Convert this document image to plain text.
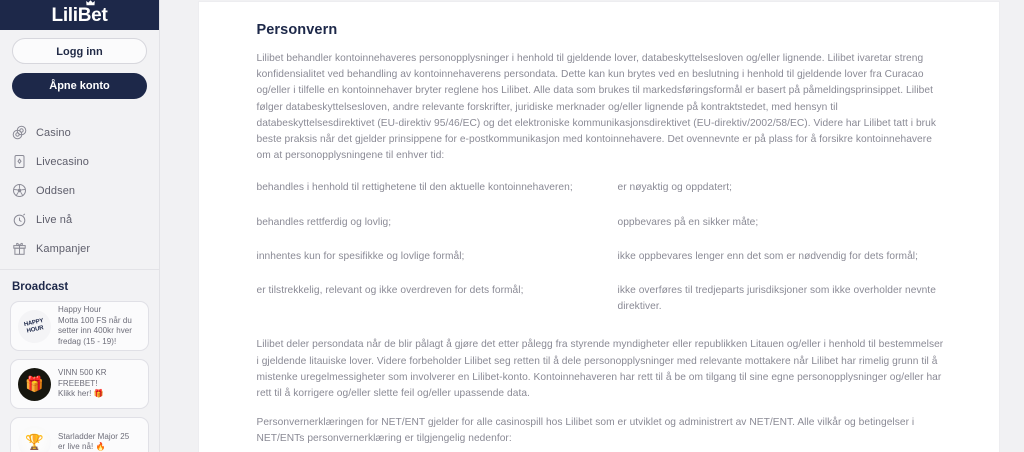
LiliBet
Logg inn
Åpne konto
Casino
Livecasino
Oddsen
Live nå
Kampanjer
Broadcast
HAPPY HOUR
Happy Hour
Motta 100 FS når du
setter inn 400kr hver
fredag (15 - 19)!
🎁
VINN 500 KR FREEBET!
Klikk her! 🎁
🏆	Starladder Major 25
er live nå! 🔥
Personvern

Lilibet behandler kontoinnehaveres personopplysninger i henhold til gjeldende lover, databeskyttelsesloven og/eller lignende. Lilibet ivaretar streng konfidensialitet ved behandling av kontoinnehaverens persondata. Dette kan kun brytes ved en beslutning i henhold til gjeldende lover fra Curacao og/eller i tilfelle en kontoinnehaver bryter reglene hos Lilibet. Alle data som brukes til markedsføringsformål er basert på påmeldingsprinsippet. Lilibet følger databeskyttelsesloven, andre relevante forskrifter, juridiske merknader og/eller lignende på kontraktstedet, med hensyn til databeskyttelsesdirektivet (EU-direktiv 95/46/EC) og det elektroniske kommunikasjonsdirektivet (EU-direktiv/2002/58/EC). Videre har Lilibet tatt i bruk beste praksis når det gjelder prinsippene for e-postkommunikasjon med kontoinnehavere. Det ovennevnte er på plass for å forsikre kontoinnehavere om at personopplysningene til enhver tid:

behandles i henhold til rettighetene til den aktuelle kontoinnehaveren;
behandles rettferdig og lovlig;
innhentes kun for spesifikke og lovlige formål;
er tilstrekkelig, relevant og ikke overdreven for dets formål;
er nøyaktig og oppdatert;
oppbevares på en sikker måte;
ikke oppbevares lenger enn det som er nødvendig for dets formål;
ikke overføres til tredjeparts jurisdiksjoner som ikke overholder nevnte direktiver.

Lilibet deler persondata når de blir pålagt å gjøre det etter pålegg fra styrende myndigheter eller republikken Litauen og/eller i henhold til bestemmelser i gjeldende litauiske lover. Videre forbeholder Lilibet seg retten til å dele personopplysninger med relevante mottakere når Lilibet har rimelig grunn til å mistenke uregelmessigheter som involverer en Lilibet-konto. Kontoinnehaveren har rett til å be om tilgang til sine egne personopplysninger og/eller har rett til å korrigere og/eller slette feil og/eller upassende data.

Personvernerklæringen for NET/ENT gjelder for alle casinospill hos Lilibet som er utviklet og administrert av NET/ENT. Alle vilkår og betingelser i NET/ENTs personvernerklæring er tilgjengelig nedenfor:
